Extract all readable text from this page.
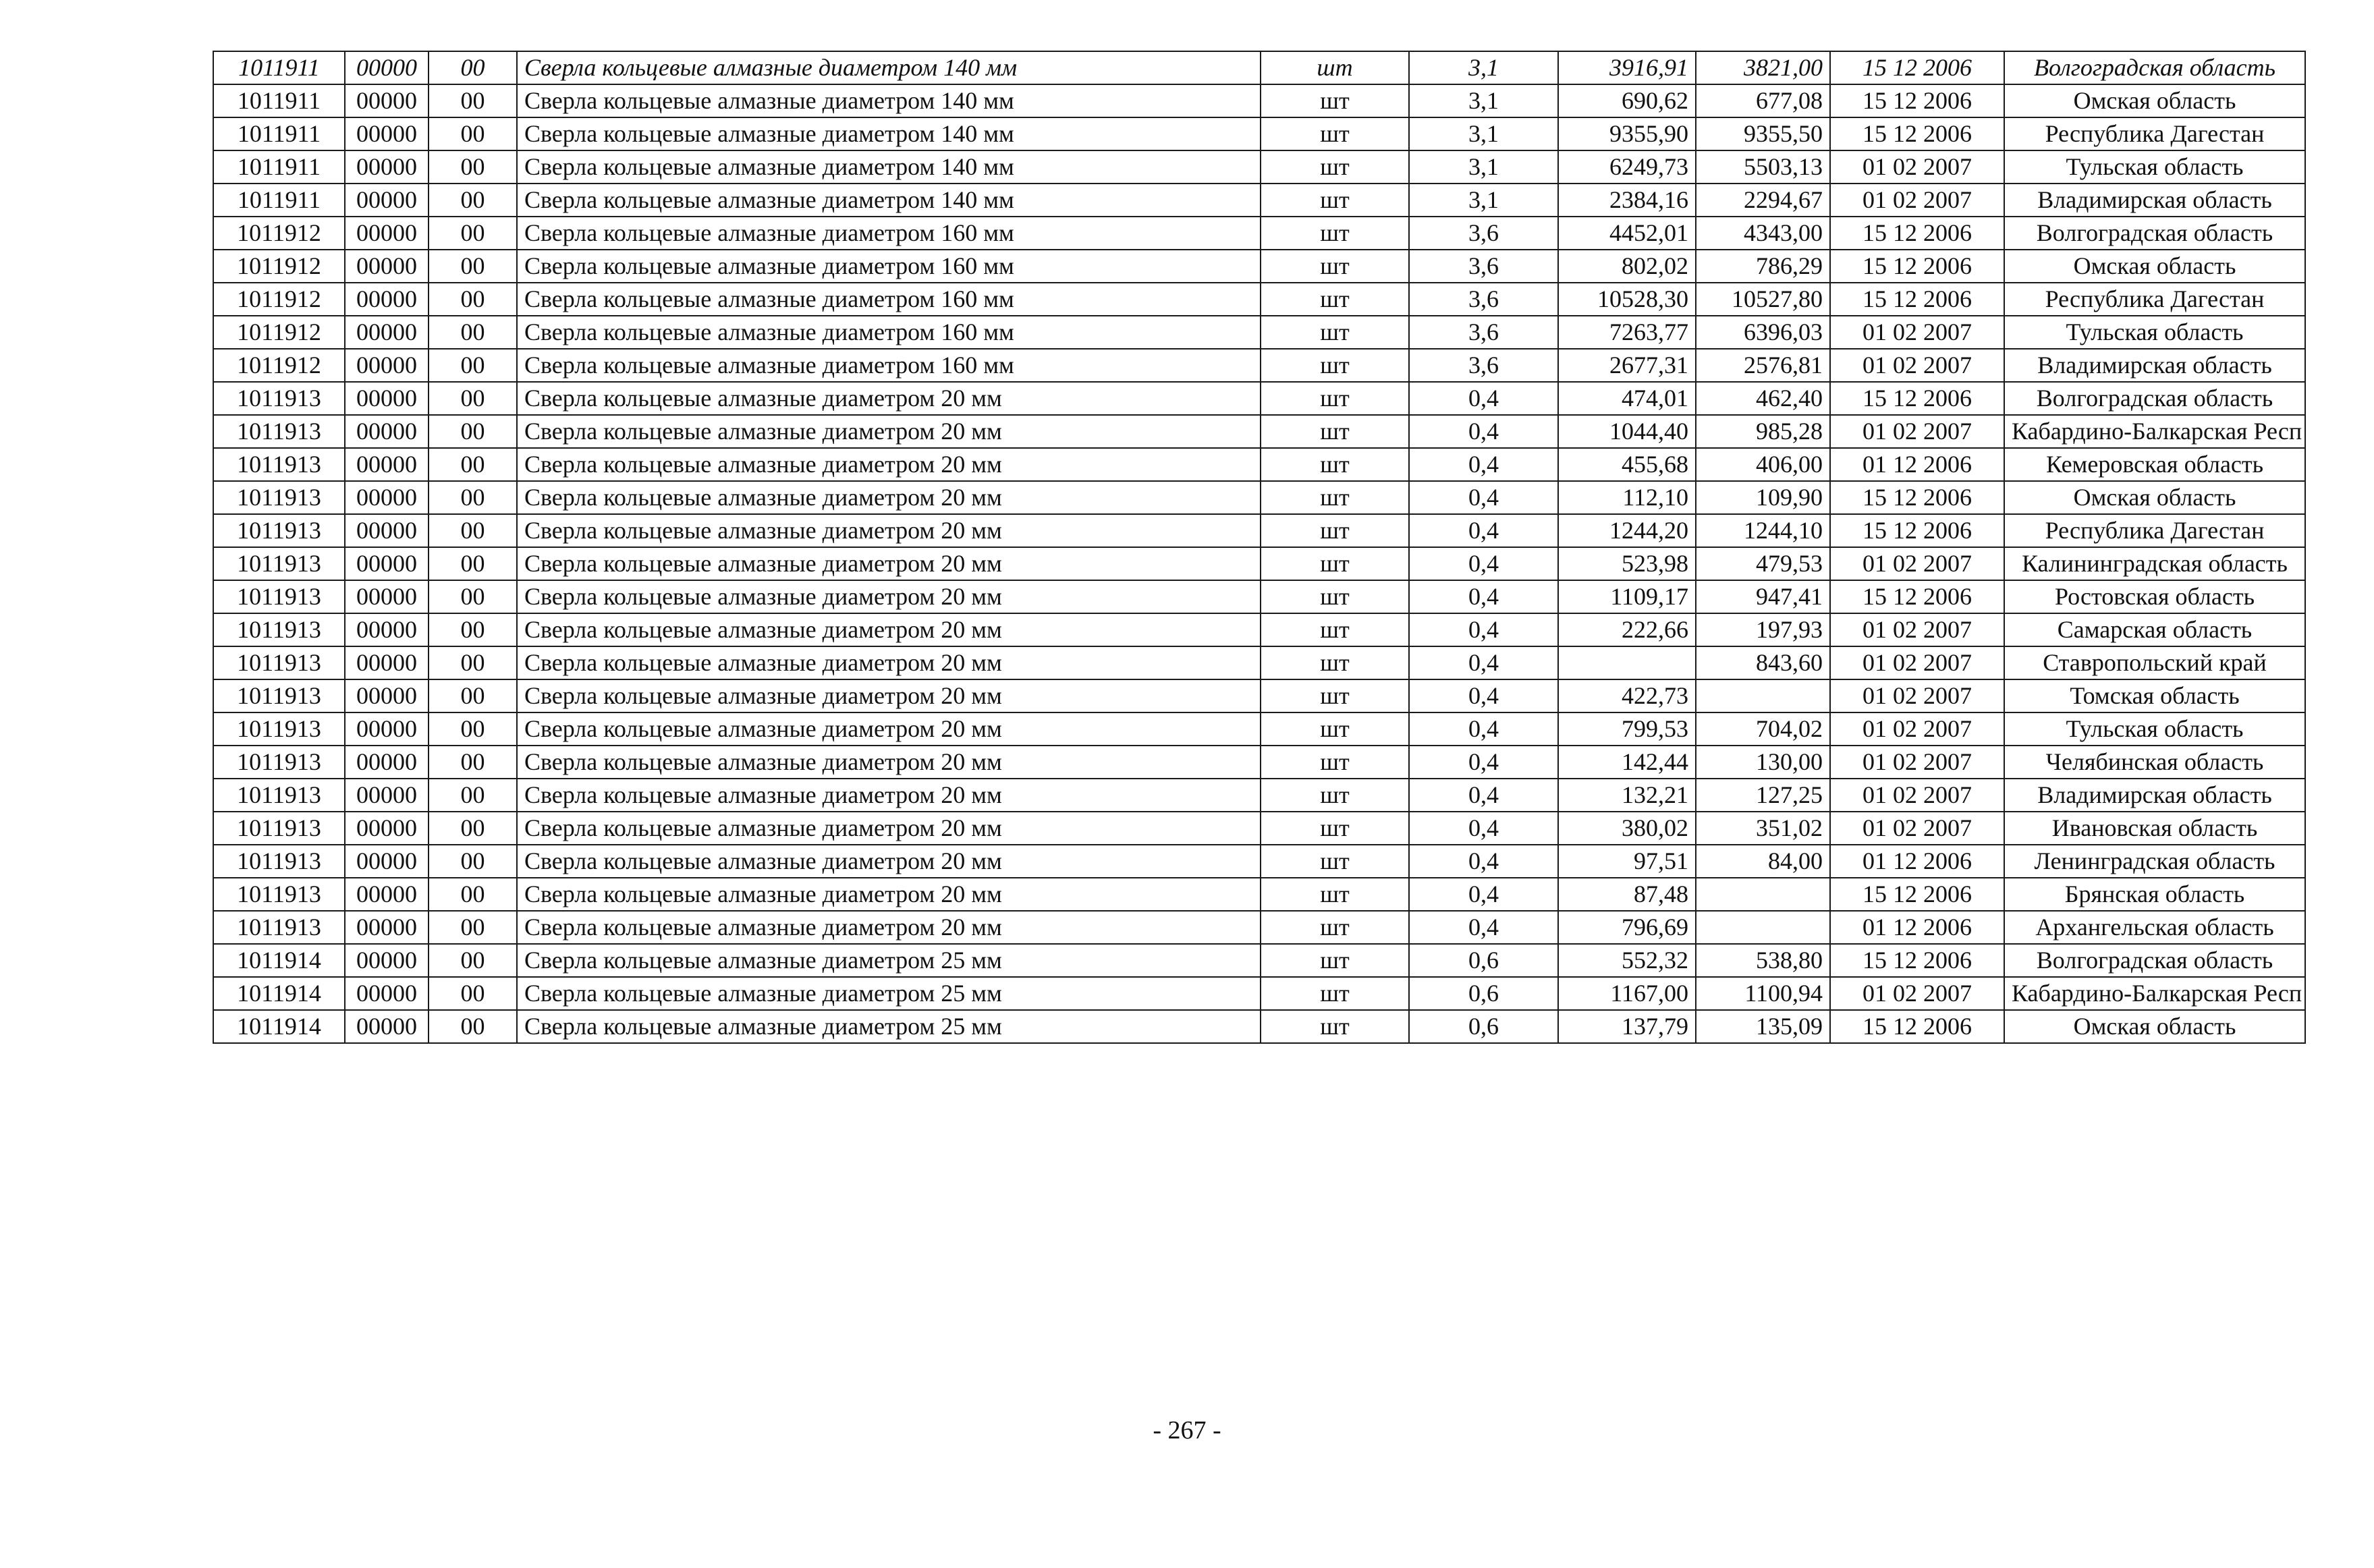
1011911	00000	00	Сверла кольцевые алмазные диаметром 140 мм	шт	3,1	3916,91	3821,00	15 12 2006	Волгоградская область
1011911	00000	00	Сверла кольцевые алмазные диаметром 140 мм	шт	3,1	690,62	677,08	15 12 2006	Омская область
1011911	00000	00	Сверла кольцевые алмазные диаметром 140 мм	шт	3,1	9355,90	9355,50	15 12 2006	Республика Дагестан
1011911	00000	00	Сверла кольцевые алмазные диаметром 140 мм	шт	3,1	6249,73	5503,13	01 02 2007	Тульская область
1011911	00000	00	Сверла кольцевые алмазные диаметром 140 мм	шт	3,1	2384,16	2294,67	01 02 2007	Владимирская область
1011912	00000	00	Сверла кольцевые алмазные диаметром 160 мм	шт	3,6	4452,01	4343,00	15 12 2006	Волгоградская область
1011912	00000	00	Сверла кольцевые алмазные диаметром 160 мм	шт	3,6	802,02	786,29	15 12 2006	Омская область
1011912	00000	00	Сверла кольцевые алмазные диаметром 160 мм	шт	3,6	10528,30	10527,80	15 12 2006	Республика Дагестан
1011912	00000	00	Сверла кольцевые алмазные диаметром 160 мм	шт	3,6	7263,77	6396,03	01 02 2007	Тульская область
1011912	00000	00	Сверла кольцевые алмазные диаметром 160 мм	шт	3,6	2677,31	2576,81	01 02 2007	Владимирская область
1011913	00000	00	Сверла кольцевые алмазные диаметром 20 мм	шт	0,4	474,01	462,40	15 12 2006	Волгоградская область
1011913	00000	00	Сверла кольцевые алмазные диаметром 20 мм	шт	0,4	1044,40	985,28	01 02 2007	Кабардино-Балкарская Респ
1011913	00000	00	Сверла кольцевые алмазные диаметром 20 мм	шт	0,4	455,68	406,00	01 12 2006	Кемеровская область
1011913	00000	00	Сверла кольцевые алмазные диаметром 20 мм	шт	0,4	112,10	109,90	15 12 2006	Омская область
1011913	00000	00	Сверла кольцевые алмазные диаметром 20 мм	шт	0,4	1244,20	1244,10	15 12 2006	Республика Дагестан
1011913	00000	00	Сверла кольцевые алмазные диаметром 20 мм	шт	0,4	523,98	479,53	01 02 2007	Калининградская область
1011913	00000	00	Сверла кольцевые алмазные диаметром 20 мм	шт	0,4	1109,17	947,41	15 12 2006	Ростовская область
1011913	00000	00	Сверла кольцевые алмазные диаметром 20 мм	шт	0,4	222,66	197,93	01 02 2007	Самарская область
1011913	00000	00	Сверла кольцевые алмазные диаметром 20 мм	шт	0,4		843,60	01 02 2007	Ставропольский край
1011913	00000	00	Сверла кольцевые алмазные диаметром 20 мм	шт	0,4	422,73		01 02 2007	Томская область
1011913	00000	00	Сверла кольцевые алмазные диаметром 20 мм	шт	0,4	799,53	704,02	01 02 2007	Тульская область
1011913	00000	00	Сверла кольцевые алмазные диаметром 20 мм	шт	0,4	142,44	130,00	01 02 2007	Челябинская область
1011913	00000	00	Сверла кольцевые алмазные диаметром 20 мм	шт	0,4	132,21	127,25	01 02 2007	Владимирская область
1011913	00000	00	Сверла кольцевые алмазные диаметром 20 мм	шт	0,4	380,02	351,02	01 02 2007	Ивановская область
1011913	00000	00	Сверла кольцевые алмазные диаметром 20 мм	шт	0,4	97,51	84,00	01 12 2006	Ленинградская область
1011913	00000	00	Сверла кольцевые алмазные диаметром 20 мм	шт	0,4	87,48		15 12 2006	Брянская область
1011913	00000	00	Сверла кольцевые алмазные диаметром 20 мм	шт	0,4	796,69		01 12 2006	Архангельская область
1011914	00000	00	Сверла кольцевые алмазные диаметром 25 мм	шт	0,6	552,32	538,80	15 12 2006	Волгоградская область
1011914	00000	00	Сверла кольцевые алмазные диаметром 25 мм	шт	0,6	1167,00	1100,94	01 02 2007	Кабардино-Балкарская Респ
1011914	00000	00	Сверла кольцевые алмазные диаметром 25 мм	шт	0,6	137,79	135,09	15 12 2006	Омская область
- 267 -
